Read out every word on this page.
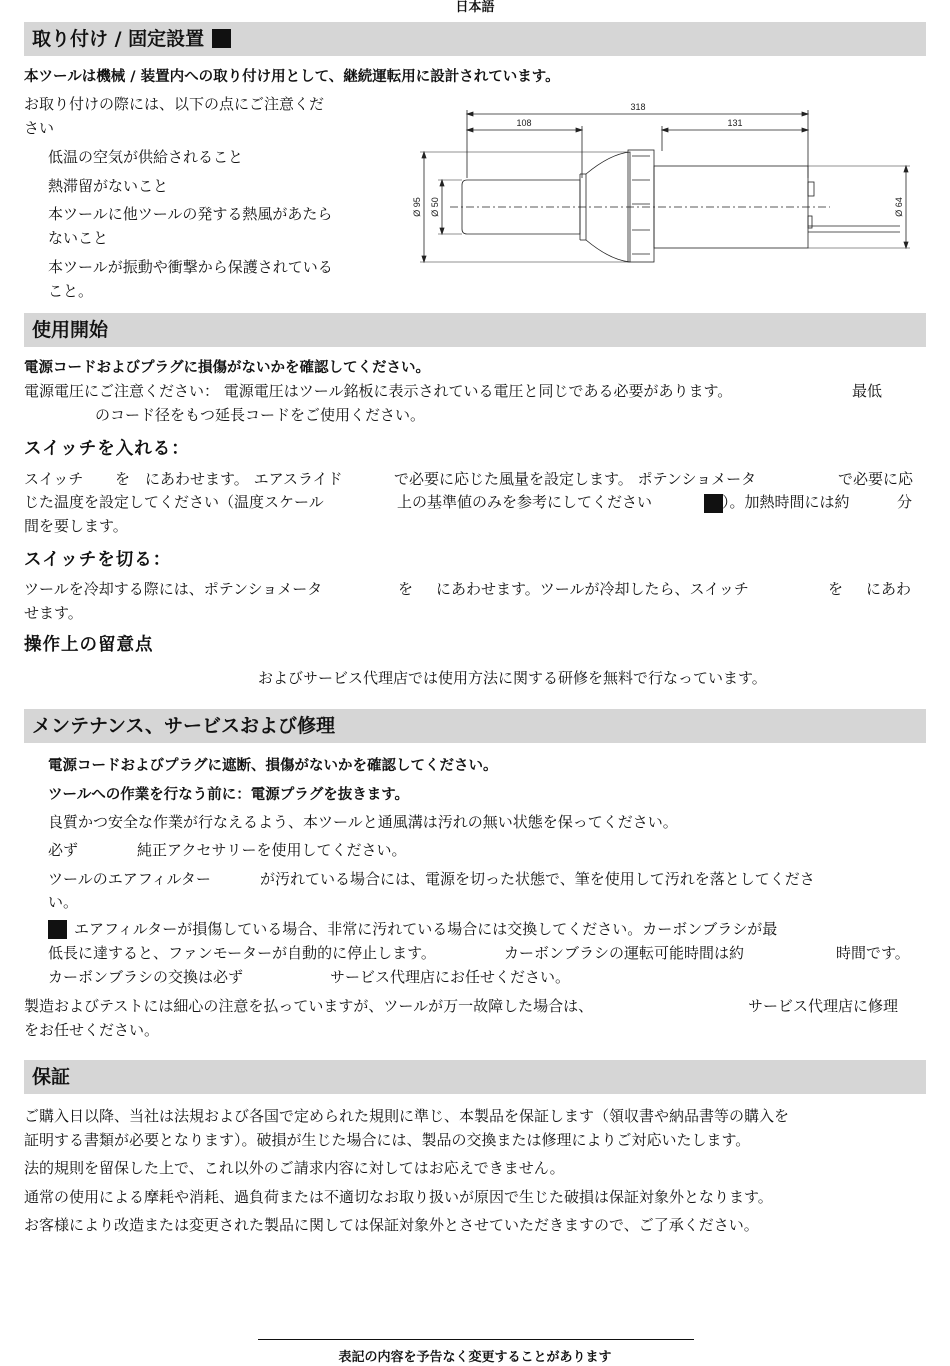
日本語
取り付け / 固定設置
本ツールは機械 / 装置内への取り付け用として、継続運転用に設計されています。
お取り付けの際には、以下の点にご注意くだ
さい
低温の空気が供給されること
熱滞留がないこと
本ツールに他ツールの発する熱風があたら
ないこと
本ツールが振動や衝撃から保護されている
こと。
318
108	131
Ø 95 Ø 50	Ø 64
使用開始
電源コードおよびプラグに損傷がないかを確認してください。
電源電圧にご注意ください： 電源電圧はツール銘板に表示されている電圧と同じである必要があります。	最低
のコード径をもつ延長コードをご使用ください。
スイッチを入れる：
スイッチ を にあわせます。 エアスライド	で必要に応じた風量を設定します。 ポテンショメータ	で必要に応
じた温度を設定してください（温度スケール	上の基準値のみを参考にしてください	）。加熱時間には約	分
間を要します。
スイッチを切る：
ツールを冷却する際には、ポテンショメータ	を にあわせます。ツールが冷却したら、スイッチ	を にあわ
せます。
操作上の留意点
およびサービス代理店では使用方法に関する研修を無料で行なっています。
メンテナンス、サービスおよび修理
電源コードおよびプラグに遮断、損傷がないかを確認してください。
ツールへの作業を行なう前に：電源プラグを抜きます。
良質かつ安全な作業が行なえるよう、本ツールと通風溝は汚れの無い状態を保ってください。
必ず	純正アクセサリーを使用してください。
ツールのエアフィルター	が汚れている場合には、電源を切った状態で、筆を使用して汚れを落としてくださ
い。
エアフィルターが損傷している場合、非常に汚れている場合には交換してください。カーボンブラシが最
低長に達すると、ファンモーターが自動的に停止します。	カーボンブラシの運転可能時間は約	時間です。
カーボンブラシの交換は必ず	サービス代理店にお任せください。
製造およびテストには細心の注意を払っていますが、ツールが万一故障した場合は、	サービス代理店に修理
をお任せください。
保証
ご購入日以降、当社は法規および各国で定められた規則に準じ、本製品を保証します（領収書や納品書等の購入を
証明する書類が必要となります）。破損が生じた場合には、製品の交換または修理によりご対応いたします。
法的規則を留保した上で、これ以外のご請求内容に対してはお応えできません。
通常の使用による摩耗や消耗、過負荷または不適切なお取り扱いが原因で生じた破損は保証対象外となります。
お客様により改造または変更された製品に関しては保証対象外とさせていただきますので、ご了承ください。
表記の内容を予告なく変更することがあります
